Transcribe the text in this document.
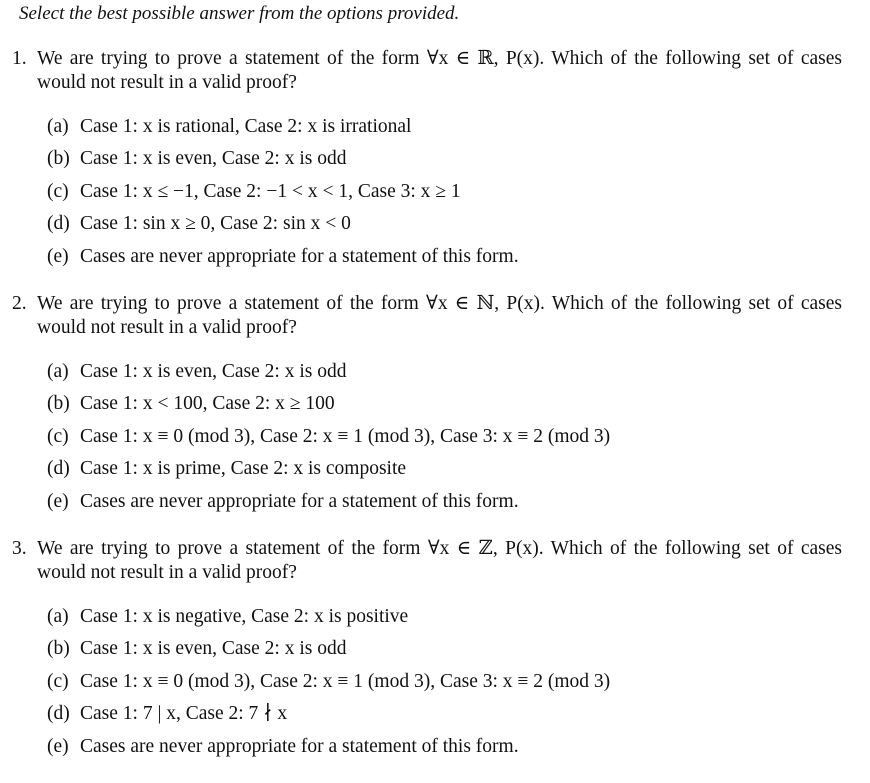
Select the best possible answer from the options provided.
1. We are trying to prove a statement of the form ∀x ∈ ℝ, P(x). Which of the following set of cases would not result in a valid proof?
(a) Case 1: x is rational, Case 2: x is irrational
(b) Case 1: x is even, Case 2: x is odd
(c) Case 1: x ≤ −1, Case 2: −1 < x < 1, Case 3: x ≥ 1
(d) Case 1: sin x ≥ 0, Case 2: sin x < 0
(e) Cases are never appropriate for a statement of this form.
2. We are trying to prove a statement of the form ∀x ∈ ℕ, P(x). Which of the following set of cases would not result in a valid proof?
(a) Case 1: x is even, Case 2: x is odd
(b) Case 1: x < 100, Case 2: x ≥ 100
(c) Case 1: x ≡ 0 (mod 3), Case 2: x ≡ 1 (mod 3), Case 3: x ≡ 2 (mod 3)
(d) Case 1: x is prime, Case 2: x is composite
(e) Cases are never appropriate for a statement of this form.
3. We are trying to prove a statement of the form ∀x ∈ ℤ, P(x). Which of the following set of cases would not result in a valid proof?
(a) Case 1: x is negative, Case 2: x is positive
(b) Case 1: x is even, Case 2: x is odd
(c) Case 1: x ≡ 0 (mod 3), Case 2: x ≡ 1 (mod 3), Case 3: x ≡ 2 (mod 3)
(d) Case 1: 7 | x, Case 2: 7 ∤ x
(e) Cases are never appropriate for a statement of this form.
